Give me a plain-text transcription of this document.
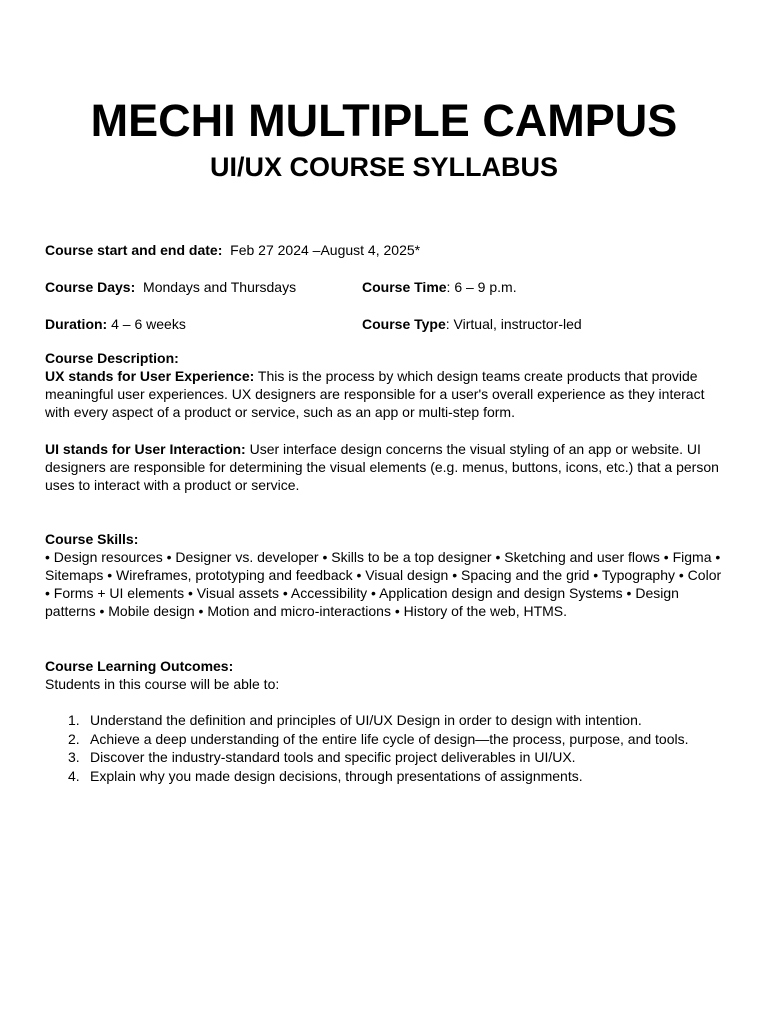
MECHI MULTIPLE CAMPUS
UI/UX COURSE SYLLABUS
Course start and end date: Feb 27 2024 –August 4, 2025*
Course Days: Mondays and Thursdays	Course Time: 6 – 9 p.m.
Duration: 4 – 6 weeks	Course Type: Virtual, instructor-led

Course Description:

UX stands for User Experience: This is the process by which design teams create products that provide meaningful user experiences. UX designers are responsible for a user's overall experience as they interact with every aspect of a product or service, such as an app or multi-step form.

UI stands for User Interaction: User interface design concerns the visual styling of an app or website. UI designers are responsible for determining the visual elements (e.g. menus, buttons, icons, etc.) that a person uses to interact with a product or service.

Course Skills:

• Design resources • Designer vs. developer • Skills to be a top designer • Sketching and user flows • Figma • Sitemaps • Wireframes, prototyping and feedback • Visual design • Spacing and the grid • Typography • Color • Forms + UI elements • Visual assets • Accessibility • Application design and design Systems • Design patterns • Mobile design • Motion and micro-interactions • History of the web, HTMS.

Course Learning Outcomes:

Students in this course will be able to:

1. Understand the definition and principles of UI/UX Design in order to design with intention.
2. Achieve a deep understanding of the entire life cycle of design—the process, purpose, and tools.
3. Discover the industry-standard tools and specific project deliverables in UI/UX.
4. Explain why you made design decisions, through presentations of assignments.
